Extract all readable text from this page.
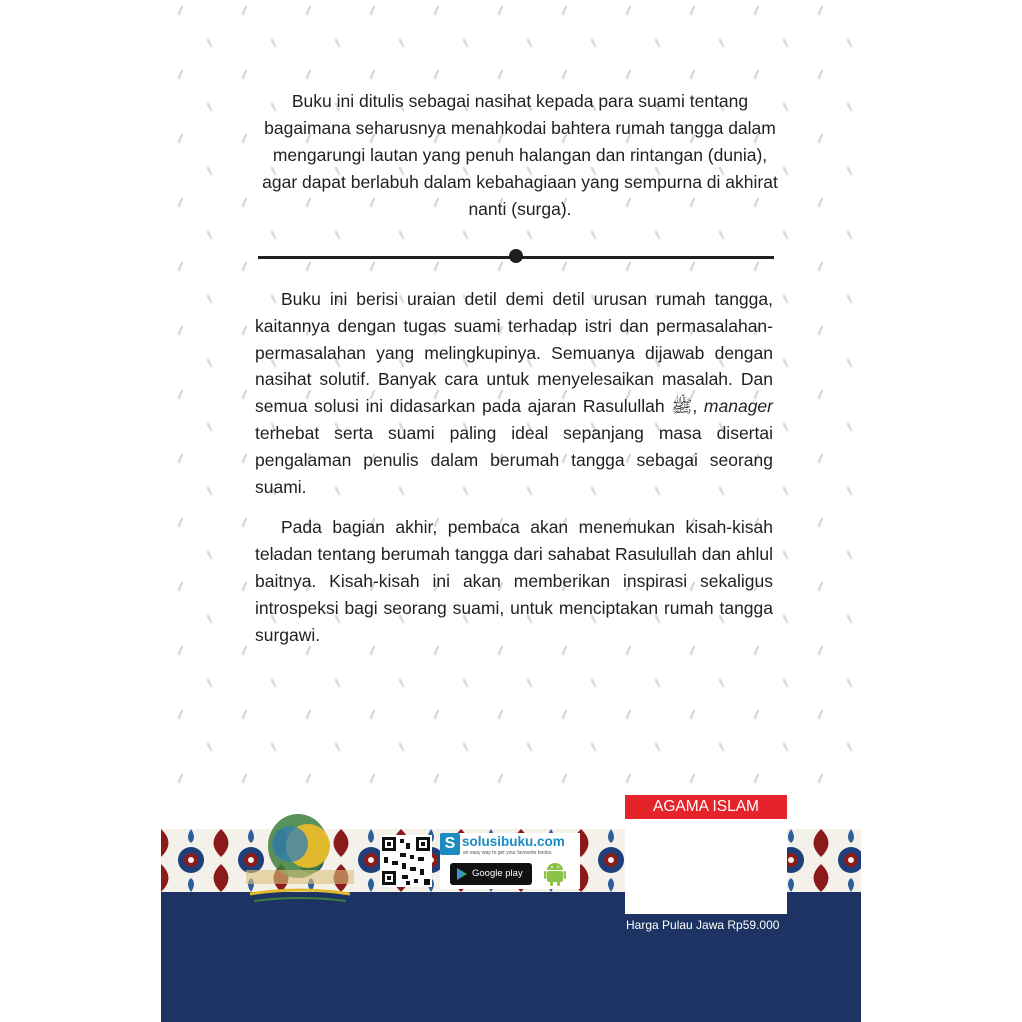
Buku ini ditulis sebagai nasihat kepada para suami tentang bagaimana seharusnya menahkodai bahtera rumah tangga dalam mengarungi lautan yang penuh halangan dan rintangan (dunia), agar dapat berlabuh dalam kebahagiaan yang sempurna di akhirat nanti (surga).

Buku ini berisi uraian detil demi detil urusan rumah tangga, kaitannya dengan tugas suami terhadap istri dan permasalahan-permasalahan yang melingkupinya. Semuanya dijawab dengan nasihat solutif. Banyak cara untuk menyelesaikan masalah. Dan semua solusi ini didasarkan pada ajaran Rasulullah ﷺ, manager terhebat serta suami paling ideal sepanjang masa disertai pengalaman penulis dalam berumah tangga sebagai seorang suami.

Pada bagian akhir, pembaca akan menemukan kisah-kisah teladan tentang berumah tangga dari sahabat Rasulullah dan ahlul baitnya. Kisah-kisah ini akan memberikan inspirasi sekaligus introspeksi bagi seorang suami, untuk menciptakan rumah tangga surgawi.

S solusibuku.com
an easy way to get your favourite books.
Google play
AGAMA ISLAM
Harga Pulau Jawa Rp59.000
